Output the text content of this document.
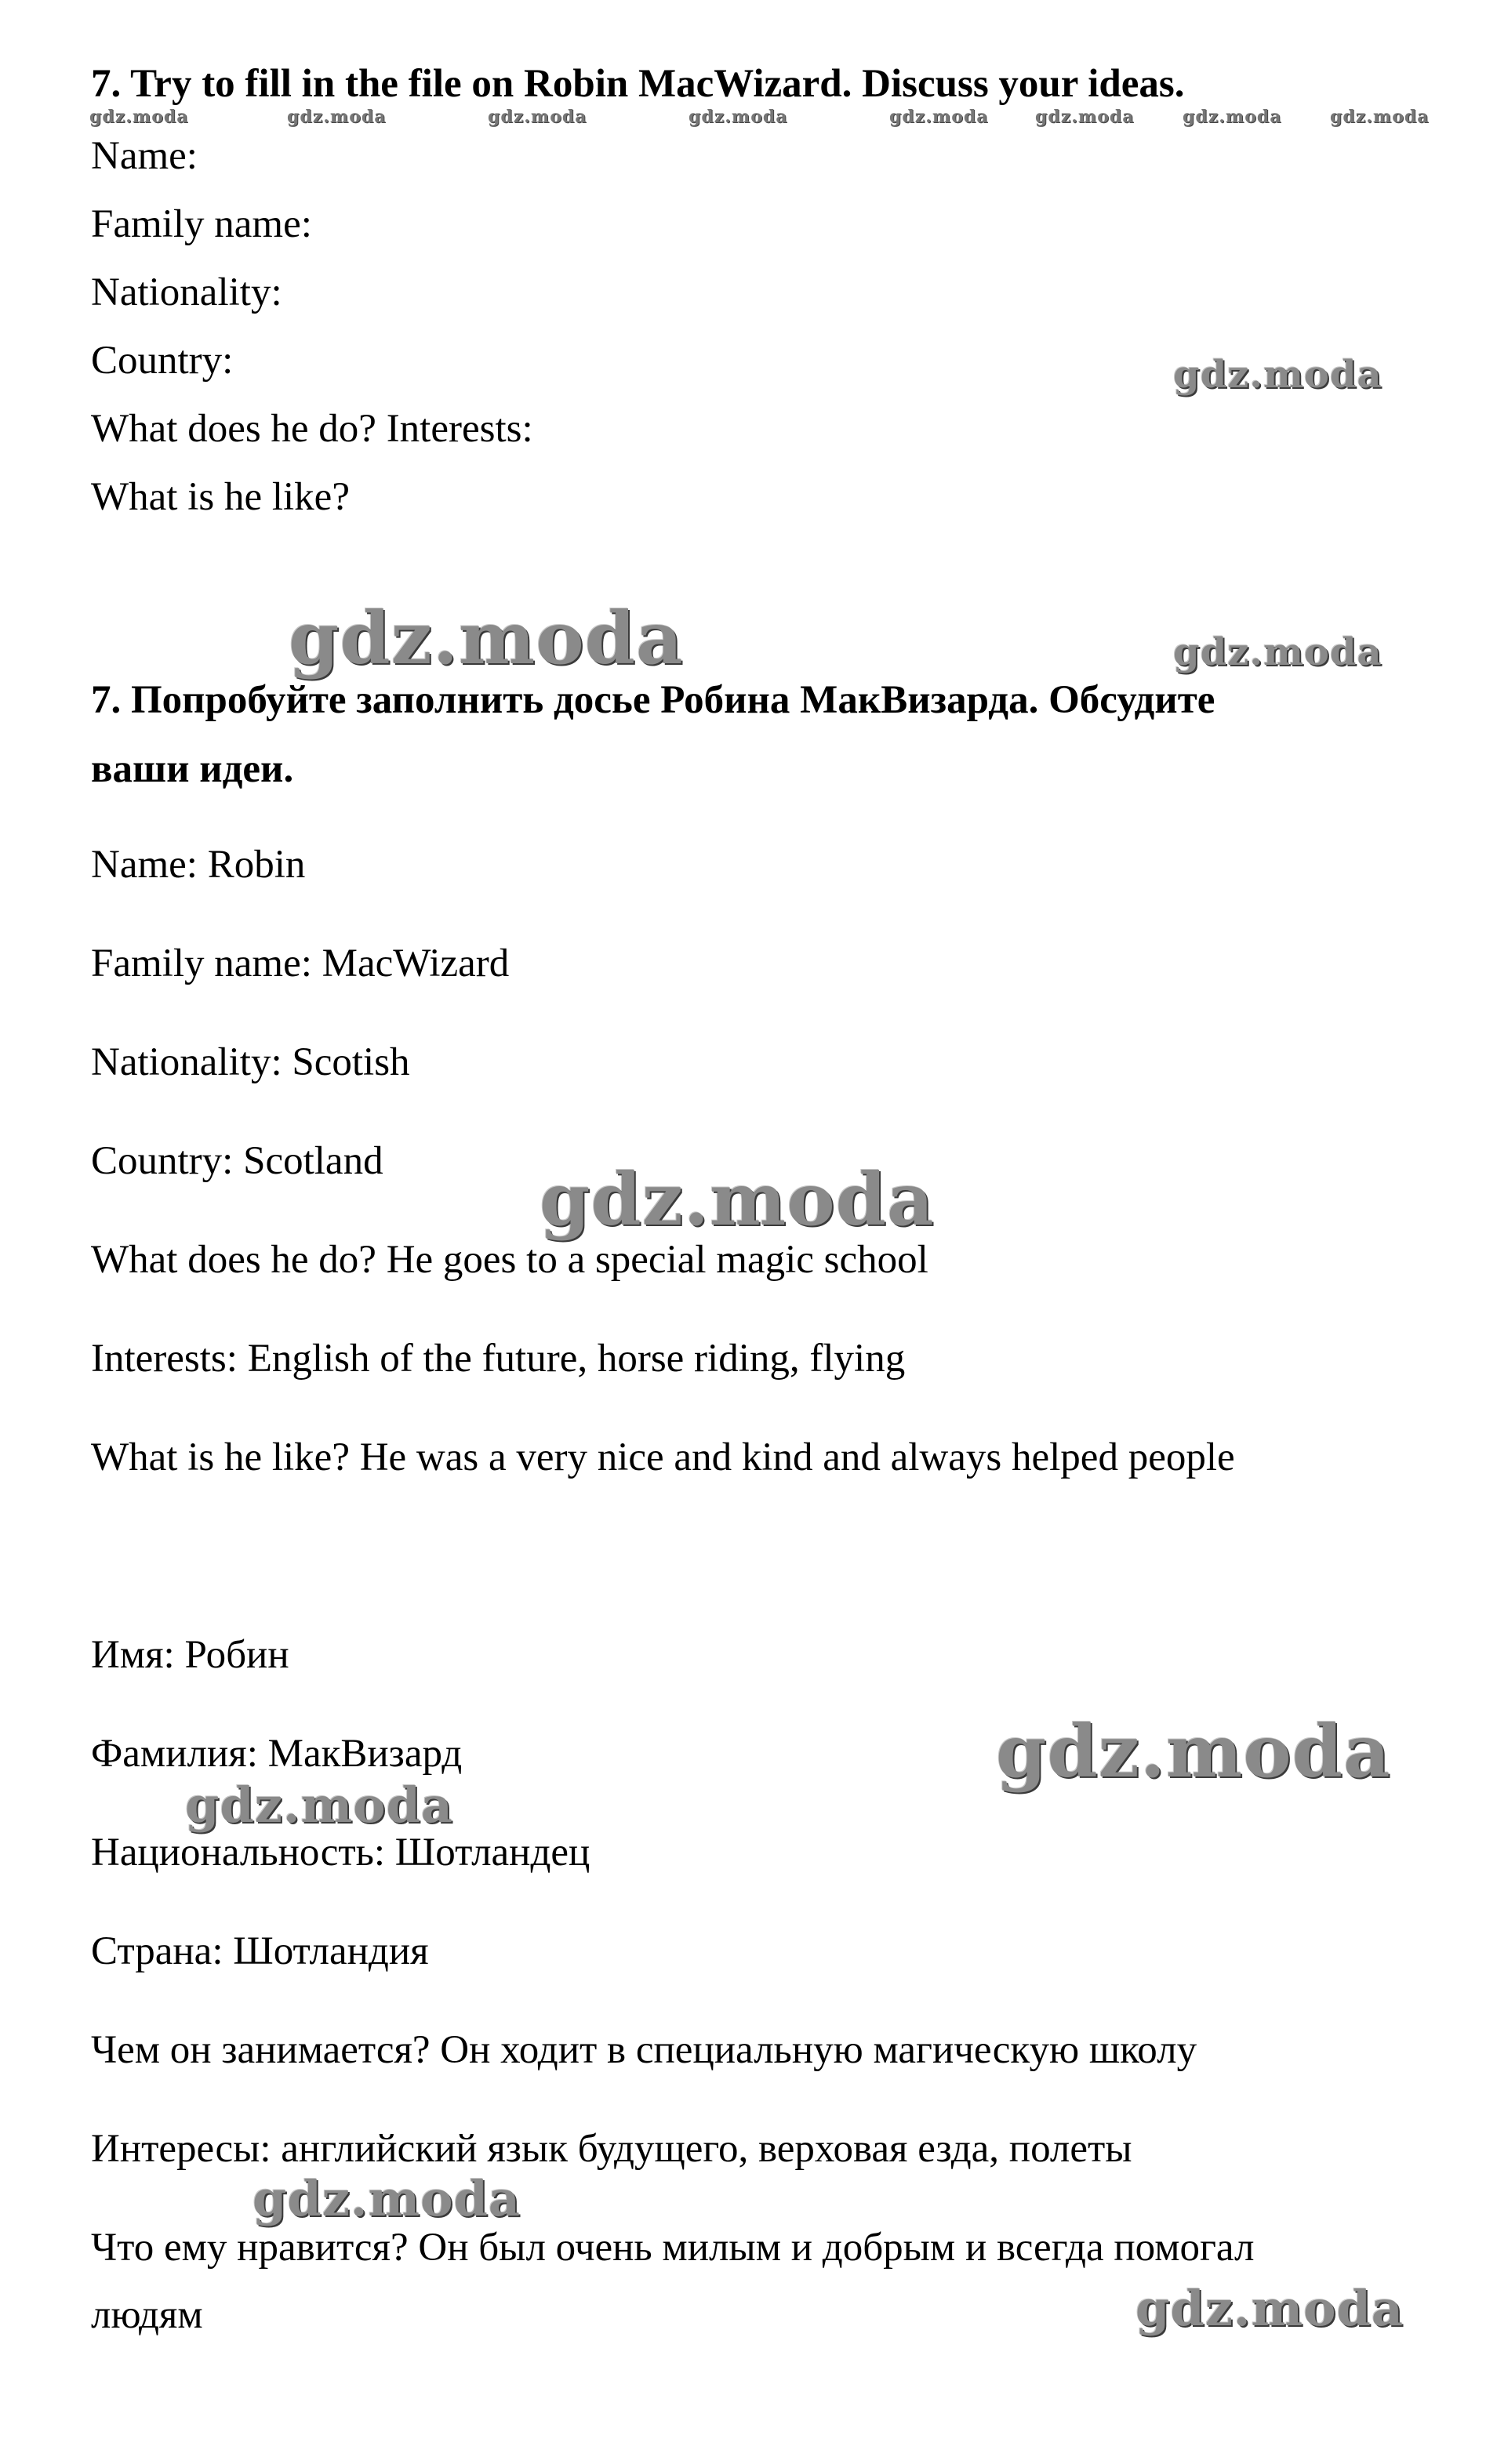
7. Try to fill in the file on Robin MacWizard. Discuss your ideas.
gdz.moda	gdz.moda	gdz.moda	gdz.moda	gdz.moda	gdz.moda	gdz.moda	gdz.moda
Name:
Family name:
Nationality:
Country:
What does he do? Interests:
What is he like?
gdz.moda
gdz.moda	gdz.moda
7. Попробуйте заполнить досье Робина МакВизарда. Обсудите
ваши идеи.
Name: Robin
Family name: MacWizard
Nationality: Scotish
Country: Scotland gdz.moda
What does he do? He goes to a special magic school
Interests: English of the future, horse riding, flying
What is he like? He was a very nice and kind and always helped people
Имя: Робин
Фамилия: МакВизард	gdz.moda
gdz.moda
Национальность: Шотландец
Страна: Шотландия
Чем он занимается? Он ходит в специальную магическую школу
Интересы: английский язык будущего, верховая езда, полеты
gdz.moda
Что ему нравится? Он был очень милым и добрым и всегда помогал
людям	gdz.moda
